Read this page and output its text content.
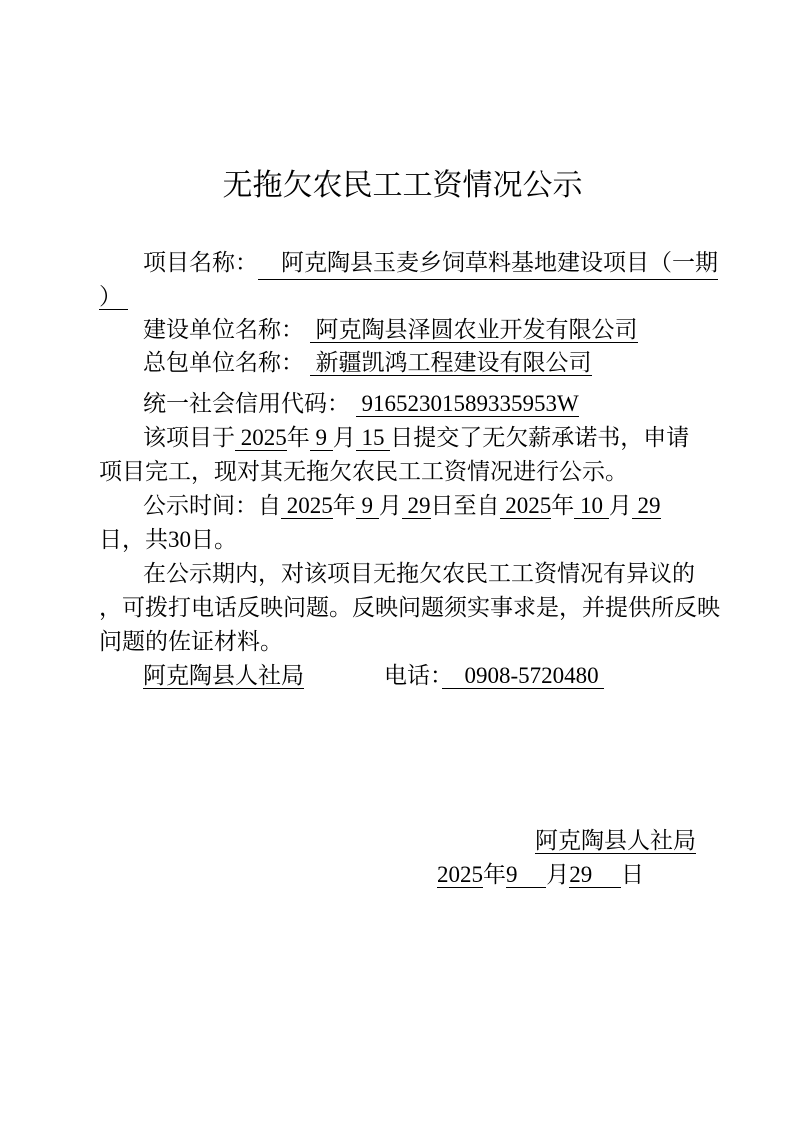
无拖欠农民工工资情况公示
项目名称： 　阿克陶县玉麦乡饲草料基地建设项目（一期
）
建设单位名称：  阿克陶县泽圆农业开发有限公司
总包单位名称：  新疆凯鸿工程建设有限公司
统一社会信用代码：  91652301589335953W
该项目于 2025年 9 月 15 日提交了无欠薪承诺书，申请
项目完工，现对其无拖欠农民工工资情况进行公示。
公示时间：自 2025年 9 月 29日至自 2025年 10 月 29
日，共30日。
在公示期内，对该项目无拖欠农民工工资情况有异议的
，可拨打电话反映问题。反映问题须实事求是，并提供所反映
问题的佐证材料。
阿克陶县人社局	电话：　0908-5720480
阿克陶县人社局
2025年9　 月29　 日
